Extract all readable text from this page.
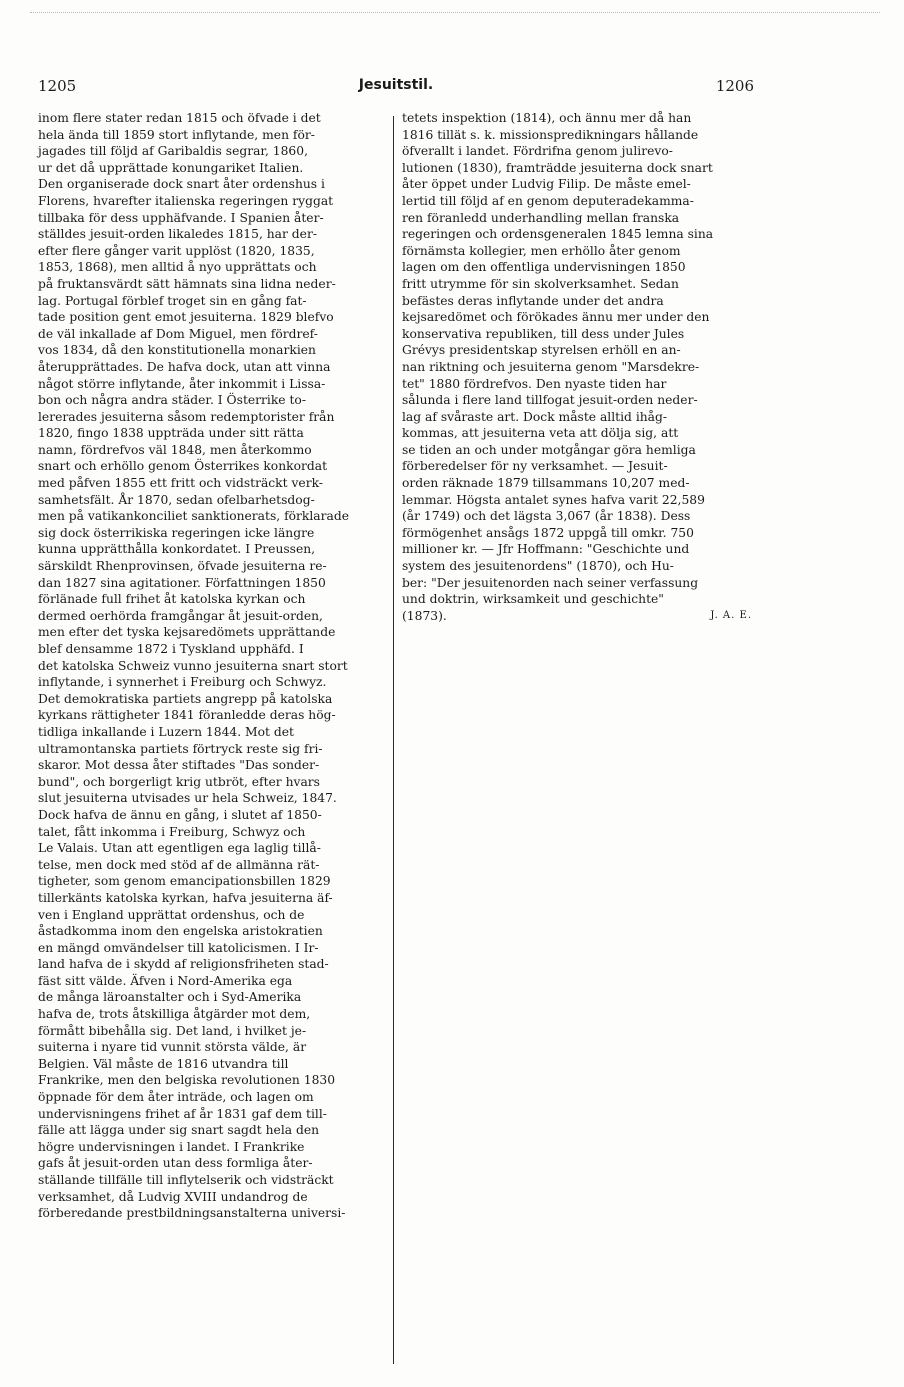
1205	Jesuitstil.	1206
inom flere stater redan 1815 och öfvade i det
hela ända till 1859 stort inflytande, men för-
jagades till följd af Garibaldis segrar, 1860,
ur det då upprättade konungariket Italien.
Den organiserade dock snart åter ordenshus i
Florens, hvarefter italienska regeringen ryggat
tillbaka för dess upphäfvande. I Spanien åter-
ställdes jesuit-orden likaledes 1815, har der-
efter flere gånger varit upplöst (1820, 1835,
1853, 1868), men alltid å nyo upprättats och
på fruktansvärdt sätt hämnats sina lidna neder-
lag. Portugal förblef troget sin en gång fat-
tade position gent emot jesuiterna. 1829 blefvo
de väl inkallade af Dom Miguel, men fördref-
vos 1834, då den konstitutionella monarkien
återupprättades. De hafva dock, utan att vinna
något större inflytande, åter inkommit i Lissa-
bon och några andra städer. I Österrike to-
lererades jesuiterna såsom redemptorister från
1820, fingo 1838 uppträda under sitt rätta
namn, fördrefvos väl 1848, men återkommo
snart och erhöllo genom Österrikes konkordat
med påfven 1855 ett fritt och vidsträckt verk-
samhetsfält. År 1870, sedan ofelbarhetsdog-
men på vatikankonciliet sanktionerats, förklarade
sig dock österrikiska regeringen icke längre
kunna upprätthålla konkordatet. I Preussen,
särskildt Rhenprovinsen, öfvade jesuiterna re-
dan 1827 sina agitationer. Författningen 1850
förlänade full frihet åt katolska kyrkan och
dermed oerhörda framgångar åt jesuit-orden,
men efter det tyska kejsaredömets upprättande
blef densamme 1872 i Tyskland upphäfd. I
det katolska Schweiz vunno jesuiterna snart stort
inflytande, i synnerhet i Freiburg och Schwyz.
Det demokratiska partiets angrepp på katolska
kyrkans rättigheter 1841 föranledde deras hög-
tidliga inkallande i Luzern 1844. Mot det
ultramontanska partiets förtryck reste sig fri-
skaror. Mot dessa åter stiftades "Das sonder-
bund", och borgerligt krig utbröt, efter hvars
slut jesuiterna utvisades ur hela Schweiz, 1847.
Dock hafva de ännu en gång, i slutet af 1850-
talet, fått inkomma i Freiburg, Schwyz och
Le Valais. Utan att egentligen ega laglig tillå-
telse, men dock med stöd af de allmänna rät-
tigheter, som genom emancipationsbillen 1829
tillerkänts katolska kyrkan, hafva jesuiterna äf-
ven i England upprättat ordenshus, och de
åstadkomma inom den engelska aristokratien
en mängd omvändelser till katolicismen. I Ir-
land hafva de i skydd af religionsfriheten stad-
fäst sitt välde. Äfven i Nord-Amerika ega
de många läroanstalter och i Syd-Amerika
hafva de, trots åtskilliga åtgärder mot dem,
förmått bibehålla sig. Det land, i hvilket je-
suiterna i nyare tid vunnit största välde, är
Belgien. Väl måste de 1816 utvandra till
Frankrike, men den belgiska revolutionen 1830
öppnade för dem åter inträde, och lagen om
undervisningens frihet af år 1831 gaf dem till-
fälle att lägga under sig snart sagdt hela den
högre undervisningen i landet. I Frankrike
gafs åt jesuit-orden utan dess formliga åter-
ställande tillfälle till inflytelserik och vidsträckt
verksamhet, då Ludvig XVIII undandrog de
förberedande prestbildningsanstalterna universi-
tetets inspektion (1814), och ännu mer då han
1816 tillät s. k. missionspredikningars hållande
öfverallt i landet. Fördrifna genom julirevo-
lutionen (1830), framträdde jesuiterna dock snart
åter öppet under Ludvig Filip. De måste emel-
lertid till följd af en genom deputeradekamma-
ren föranledd underhandling mellan franska
regeringen och ordensgeneralen 1845 lemna sina
förnämsta kollegier, men erhöllo åter genom
lagen om den offentliga undervisningen 1850
fritt utrymme för sin skolverksamhet. Sedan
befästes deras inflytande under det andra
kejsaredömet och förökades ännu mer under den
konservativa republiken, till dess under Jules
Grévys presidentskap styrelsen erhöll en an-
nan riktning och jesuiterna genom "Marsdekre-
tet" 1880 fördrefvos. Den nyaste tiden har
sålunda i flere land tillfogat jesuit-orden neder-
lag af svåraste art. Dock måste alltid ihåg-
kommas, att jesuiterna veta att dölja sig, att
se tiden an och under motgångar göra hemliga
förberedelser för ny verksamhet. — Jesuit-
orden räknade 1879 tillsammans 10,207 med-
lemmar. Högsta antalet synes hafva varit 22,589
(år 1749) och det lägsta 3,067 (år 1838). Dess
förmögenhet ansågs 1872 uppgå till omkr. 750
millioner kr. — Jfr Hoffmann: "Geschichte und
system des jesuitenordens" (1870), och Hu-
ber: "Der jesuitenorden nach seiner verfassung
und doktrin, wirksamkeit und geschichte"
(1873).	J. A. E.
